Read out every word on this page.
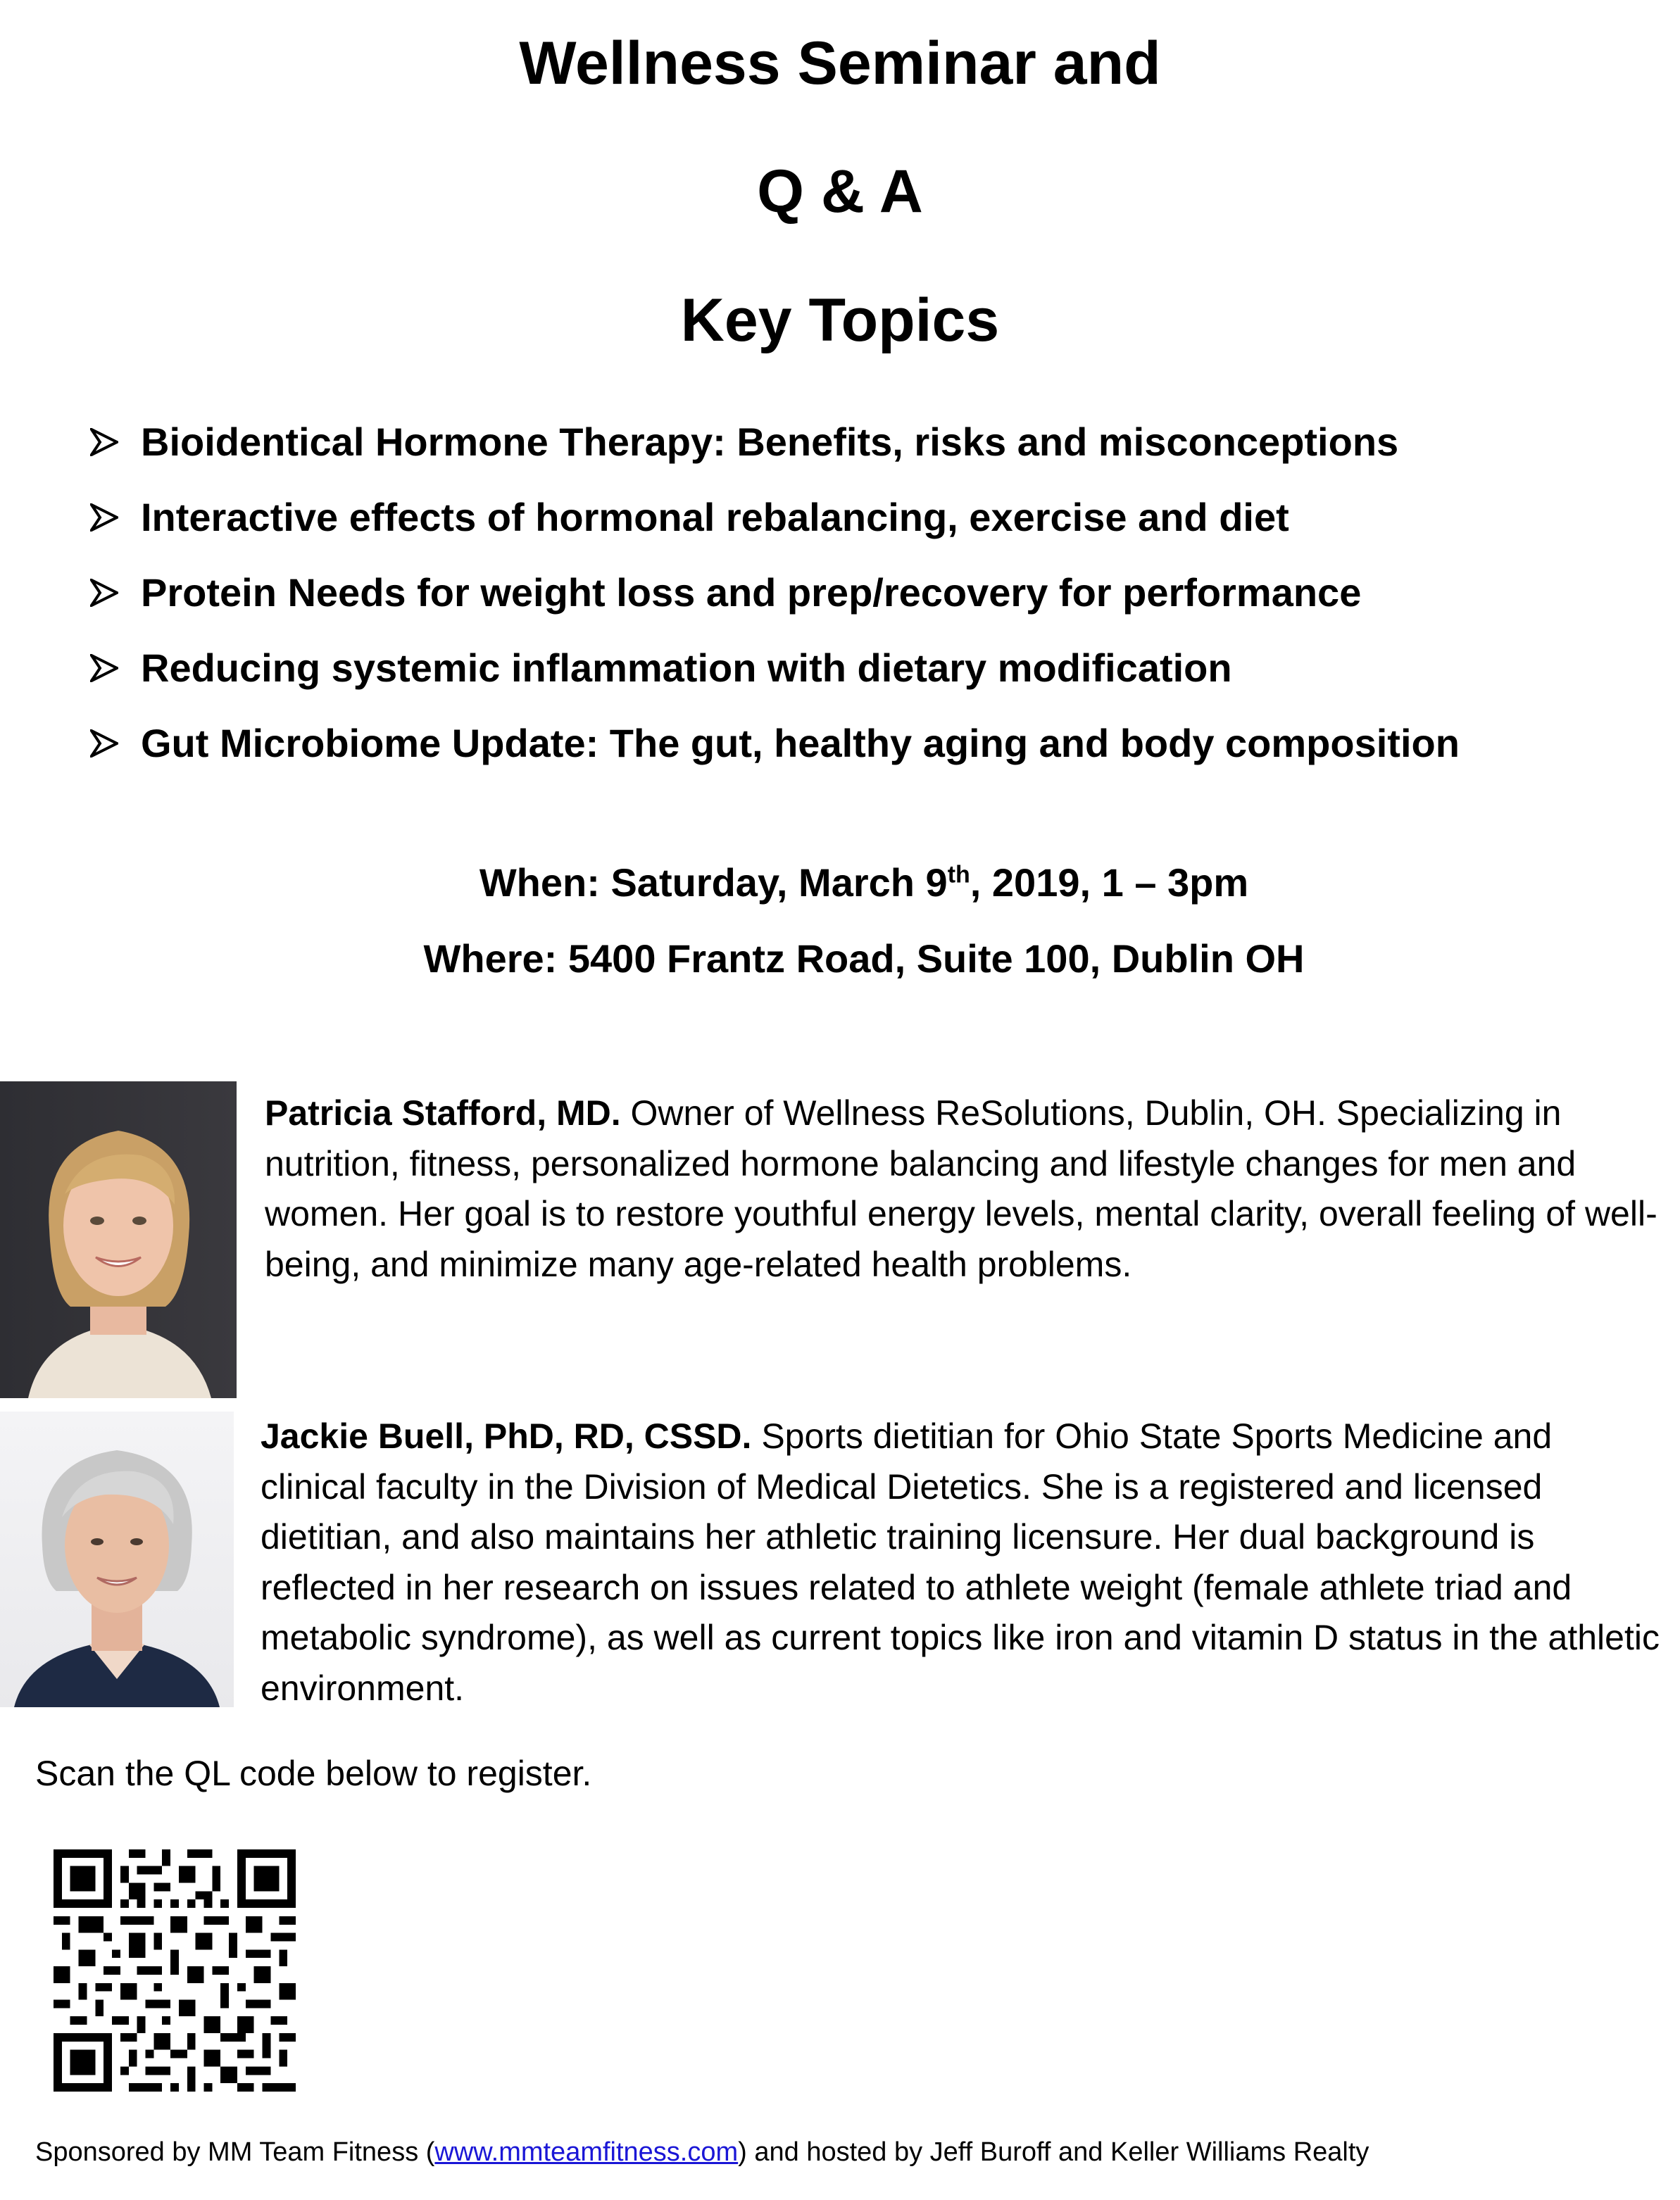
Wellness Seminar and
Q & A
Key Topics
Bioidentical Hormone Therapy: Benefits, risks and misconceptions
Interactive effects of hormonal rebalancing, exercise and diet
Protein Needs for weight loss and prep/recovery for performance
Reducing systemic inflammation with dietary modification
Gut Microbiome Update: The gut, healthy aging and body composition
When: Saturday, March 9th, 2019, 1 – 3pm
Where: 5400 Frantz Road, Suite 100, Dublin OH
Patricia Stafford, MD. Owner of Wellness ReSolutions, Dublin, OH. Specializing in nutrition, fitness, personalized hormone balancing and lifestyle changes for men and women. Her goal is to restore youthful energy levels, mental clarity, overall feeling of well-being, and minimize many age-related health problems.
Jackie Buell, PhD, RD, CSSD. Sports dietitian for Ohio State Sports Medicine and clinical faculty in the Division of Medical Dietetics. She is a registered and licensed dietitian, and also maintains her athletic training licensure. Her dual background is reflected in her research on issues related to athlete weight (female athlete triad and metabolic syndrome), as well as current topics like iron and vitamin D status in the athletic environment.
Scan the QL code below to register.
Sponsored by MM Team Fitness (www.mmteamfitness.com) and hosted by Jeff Buroff and Keller Williams Realty
